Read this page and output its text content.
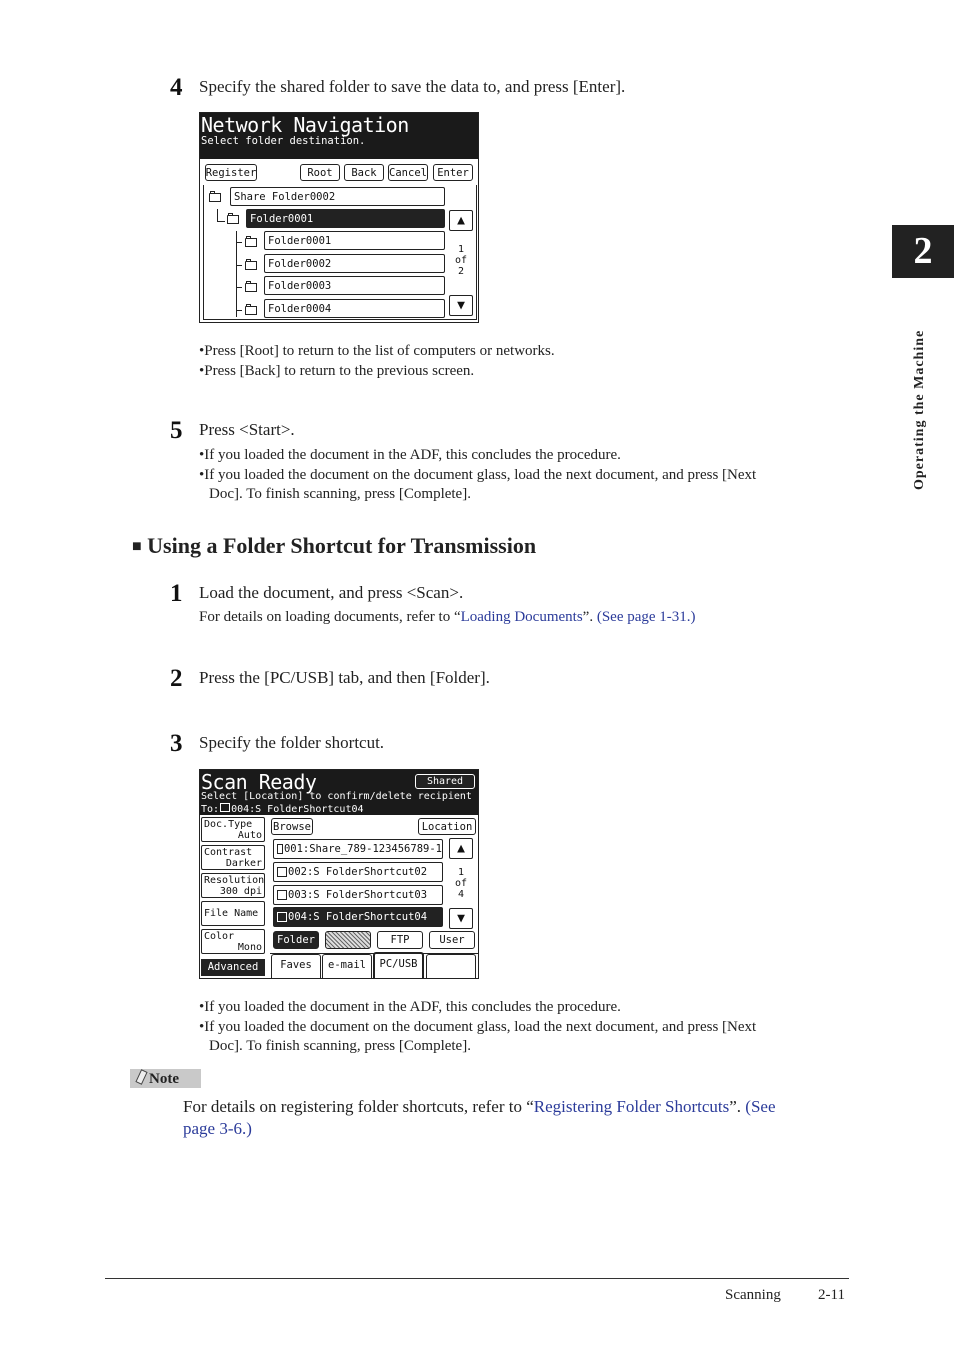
2
Operating the Machine
4 Specify the shared folder to save the data to, and press [Enter].
Network Navigation
Select folder destination.
Register	Root	Back	Cancel Enter
Share Folder0002
Folder0001
Folder0001
Folder0002
Folder0003
Folder0004
▲
1
of
2
▼
•Press [Root] to return to the list of computers or networks.
•Press [Back] to return to the previous screen.
5 Press <Start>.
•If you loaded the document in the ADF, this concludes the procedure.
•If you loaded the document on the document glass, load the next document, and press [Next
Doc]. To finish scanning, press [Complete].
■ Using a Folder Shortcut for Transmission
1 Load the document, and press <Scan>.
For details on loading documents, refer to “Loading Documents”. (See page 1-31.)
2 Press the [PC/USB] tab, and then [Folder].
3 Specify the folder shortcut.
Scan Ready	Shared
Select [Location] to confirm/delete recipient
To: 004:S FolderShortcut04
Doc.Type
Auto
Contrast
Darker
Resolution
300 dpi
File Name
Color
Mono
Advanced
Browse	Location
001:Share_789-123456789-1
002:S FolderShortcut02
003:S FolderShortcut03
004:S FolderShortcut04
▲
1
of
4
▼
Folder	FTP	User
Faves	e-mail	PC/USB
•If you loaded the document in the ADF, this concludes the procedure.
•If you loaded the document on the document glass, load the next document, and press [Next
Doc]. To finish scanning, press [Complete].
Note
For details on registering folder shortcuts, refer to “Registering Folder Shortcuts”. (See
page 3-6.)
Scanning 2-11
